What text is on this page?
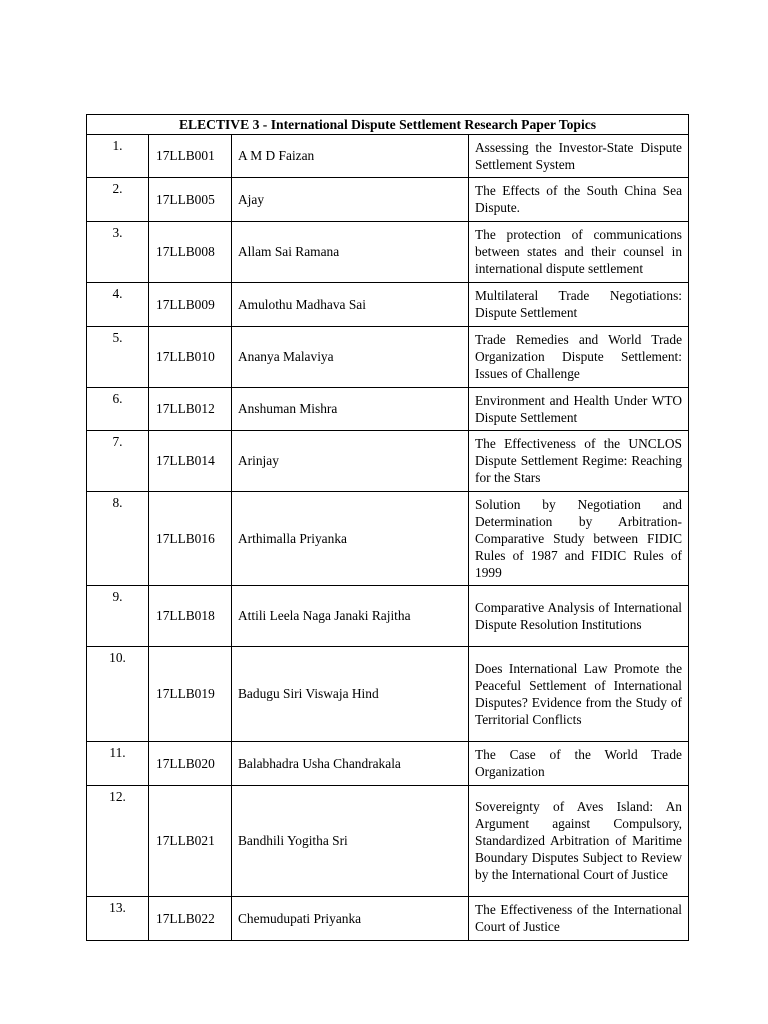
ELECTIVE 3 - International Dispute Settlement Research Paper Topics			
1.	17LLB001	A M D Faizan	Assessing the Investor-State Dispute Settlement System

2.	17LLB005	Ajay	The Effects of the South China Sea Dispute.

3.	17LLB008	Allam Sai Ramana	The protection of communications between states and their counsel in international dispute settlement

4.	17LLB009	Amulothu Madhava Sai	Multilateral Trade Negotiations: Dispute Settlement

5.	17LLB010	Ananya Malaviya	Trade Remedies and World Trade Organization Dispute Settlement: Issues of Challenge

6.	17LLB012	Anshuman Mishra	Environment and Health Under WTO Dispute Settlement

7.	17LLB014	Arinjay	The Effectiveness of the UNCLOS Dispute Settlement Regime: Reaching for the Stars

8.	17LLB016	Arthimalla Priyanka	Solution by Negotiation and Determination by Arbitration- Comparative Study between FIDIC Rules of 1987 and FIDIC Rules of 1999

9.	17LLB018	Attili Leela Naga Janaki Rajitha	Comparative Analysis of International Dispute Resolution Institutions

10.	17LLB019	Badugu Siri Viswaja Hind	Does International Law Promote the Peaceful Settlement of International Disputes? Evidence from the Study of Territorial Conflicts

11.	17LLB020	Balabhadra Usha Chandrakala	The Case of the World Trade Organization

12.	17LLB021	Bandhili Yogitha Sri	Sovereignty of Aves Island: An Argument against Compulsory, Standardized Arbitration of Maritime Boundary Disputes Subject to Review by the International Court of Justice

13.	17LLB022	Chemudupati Priyanka	The Effectiveness of the International Court of Justice
